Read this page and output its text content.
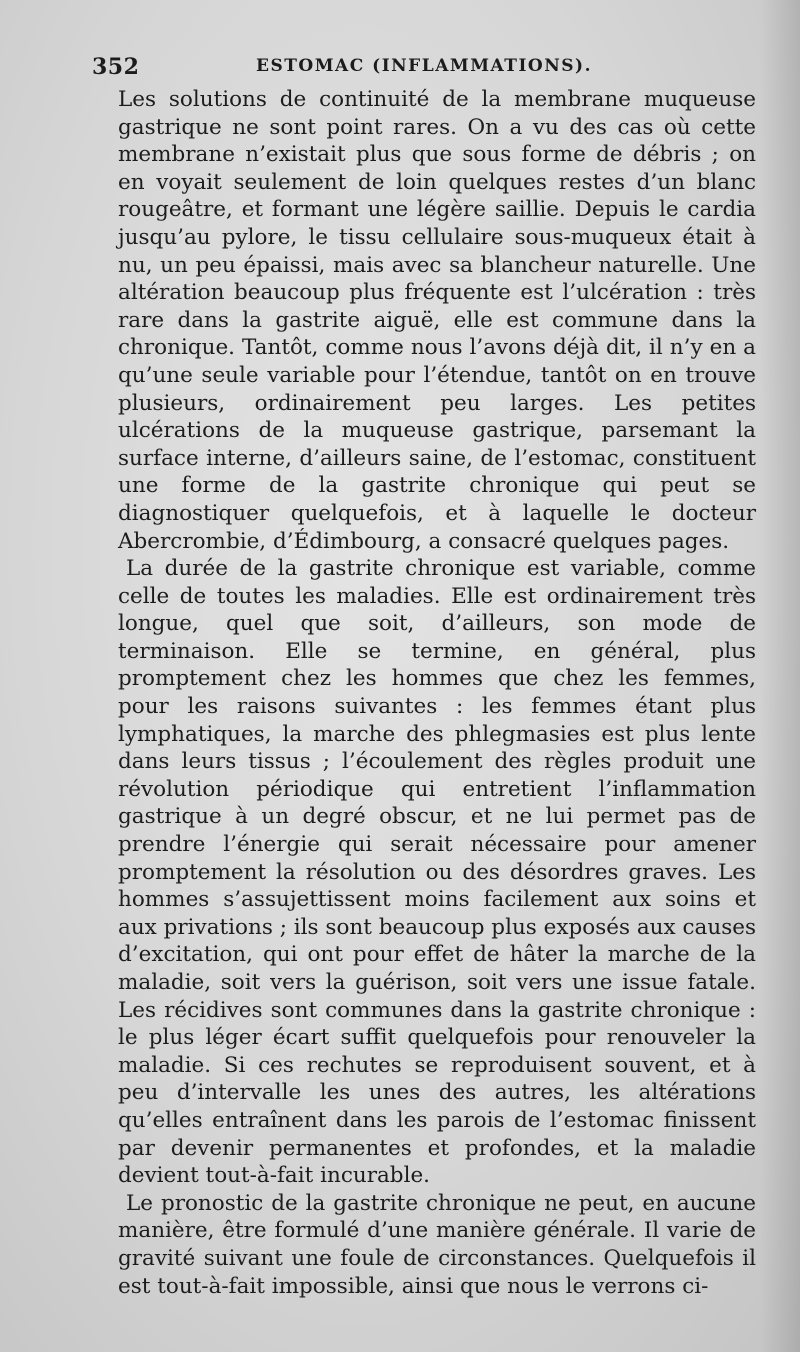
352	ESTOMAC (INFLAMMATIONS).

Les solutions de continuité de la membrane muqueuse gastrique ne sont point rares. On a vu des cas où cette membrane n’existait plus que sous forme de débris ; on en voyait seulement de loin quelques restes d’un blanc rougeâtre, et formant une légère saillie. Depuis le cardia jusqu’au pylore, le tissu cellulaire sous-muqueux était à nu, un peu épaissi, mais avec sa blancheur naturelle. Une altération beaucoup plus fréquente est l’ulcération : très rare dans la gastrite aiguë, elle est commune dans la chronique. Tantôt, comme nous l’avons déjà dit, il n’y en a qu’une seule variable pour l’étendue, tantôt on en trouve plusieurs, ordinairement peu larges. Les petites ulcérations de la muqueuse gastrique, parsemant la surface interne, d’ailleurs saine, de l’estomac, constituent une forme de la gastrite chronique qui peut se diagnostiquer quelquefois, et à laquelle le docteur Abercrombie, d’Édimbourg, a consacré quelques pages.

La durée de la gastrite chronique est variable, comme celle de toutes les maladies. Elle est ordinairement très longue, quel que soit, d’ailleurs, son mode de terminaison. Elle se termine, en général, plus promptement chez les hommes que chez les femmes, pour les raisons suivantes : les femmes étant plus lymphatiques, la marche des phlegmasies est plus lente dans leurs tissus ; l’écoulement des règles produit une révolution périodique qui entretient l’inflammation gastrique à un degré obscur, et ne lui permet pas de prendre l’énergie qui serait nécessaire pour amener promptement la résolution ou des désordres graves. Les hommes s’assujettissent moins facilement aux soins et aux privations ; ils sont beaucoup plus exposés aux causes d’excitation, qui ont pour effet de hâter la marche de la maladie, soit vers la guérison, soit vers une issue fatale. Les récidives sont communes dans la gastrite chronique : le plus léger écart suffit quelquefois pour renouveler la maladie. Si ces rechutes se reproduisent souvent, et à peu d’intervalle les unes des autres, les altérations qu’elles entraînent dans les parois de l’estomac finissent par devenir permanentes et profondes, et la maladie devient tout-à-fait incurable.

Le pronostic de la gastrite chronique ne peut, en aucune manière, être formulé d’une manière générale. Il varie de gravité suivant une foule de circonstances. Quelquefois il est tout-à-fait impossible, ainsi que nous le verrons ci-
